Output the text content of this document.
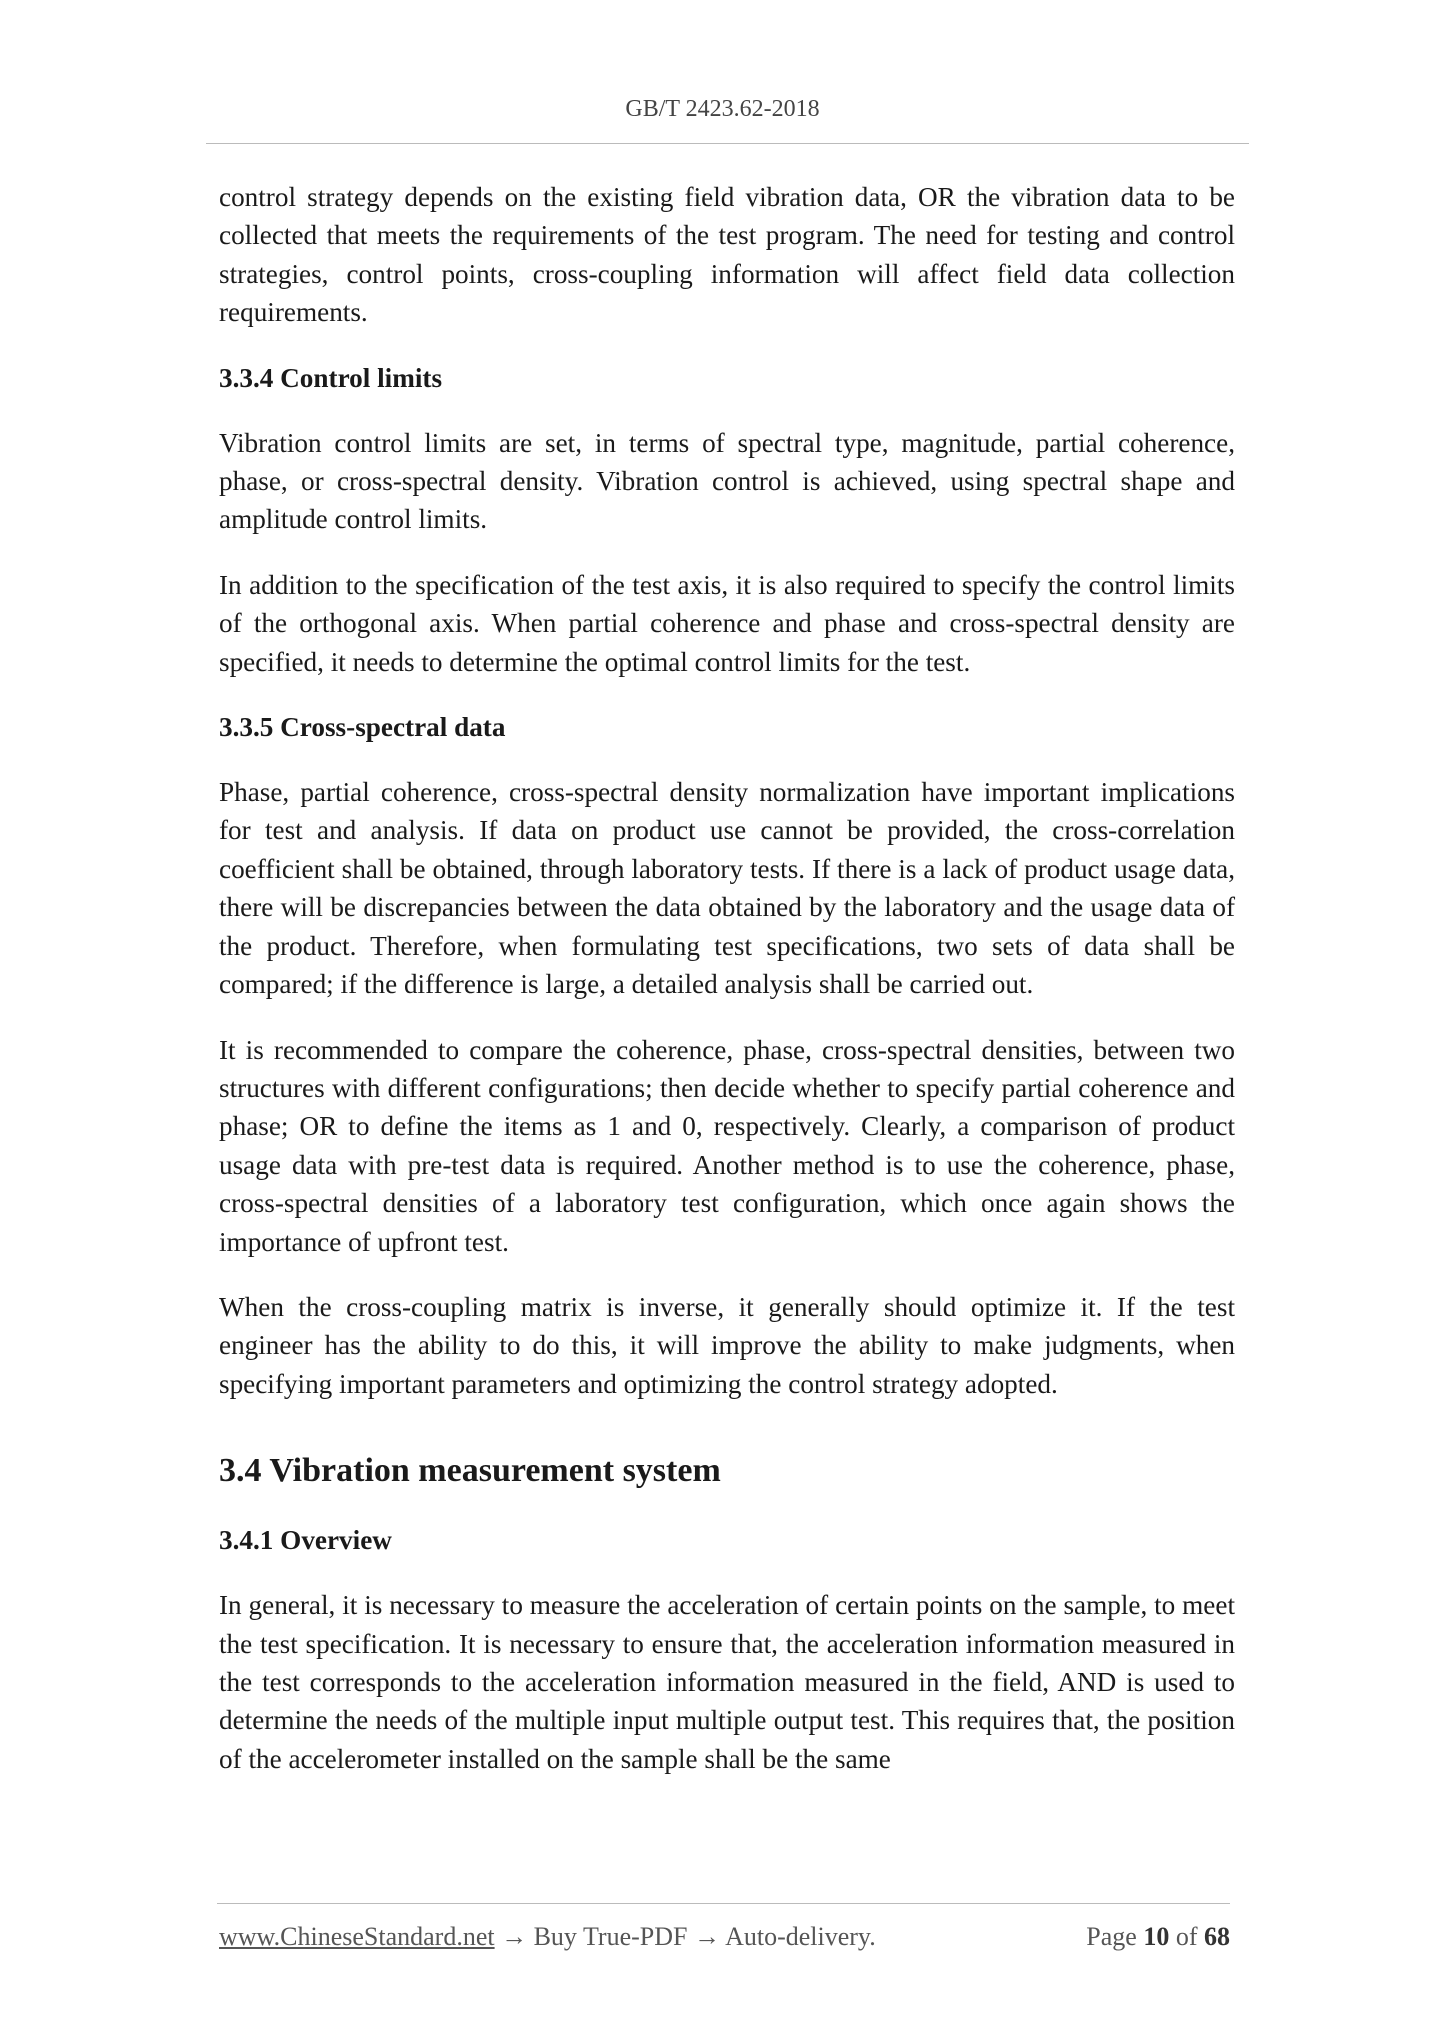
GB/T 2423.62-2018

control strategy depends on the existing field vibration data, OR the vibration data to be collected that meets the requirements of the test program. The need for testing and control strategies, control points, cross-coupling information will affect field data collection requirements.

3.3.4 Control limits

Vibration control limits are set, in terms of spectral type, magnitude, partial coherence, phase, or cross-spectral density. Vibration control is achieved, using spectral shape and amplitude control limits.

In addition to the specification of the test axis, it is also required to specify the control limits of the orthogonal axis. When partial coherence and phase and cross-spectral density are specified, it needs to determine the optimal control limits for the test.

3.3.5 Cross-spectral data

Phase, partial coherence, cross-spectral density normalization have important implications for test and analysis. If data on product use cannot be provided, the cross-correlation coefficient shall be obtained, through laboratory tests. If there is a lack of product usage data, there will be discrepancies between the data obtained by the laboratory and the usage data of the product. Therefore, when formulating test specifications, two sets of data shall be compared; if the difference is large, a detailed analysis shall be carried out.

It is recommended to compare the coherence, phase, cross-spectral densities, between two structures with different configurations; then decide whether to specify partial coherence and phase; OR to define the items as 1 and 0, respectively. Clearly, a comparison of product usage data with pre-test data is required. Another method is to use the coherence, phase, cross-spectral densities of a laboratory test configuration, which once again shows the importance of upfront test.

When the cross-coupling matrix is inverse, it generally should optimize it. If the test engineer has the ability to do this, it will improve the ability to make judgments, when specifying important parameters and optimizing the control strategy adopted.

3.4 Vibration measurement system
3.4.1 Overview

In general, it is necessary to measure the acceleration of certain points on the sample, to meet the test specification. It is necessary to ensure that, the acceleration information measured in the test corresponds to the acceleration information measured in the field, AND is used to determine the needs of the multiple input multiple output test. This requires that, the position of the accelerometer installed on the sample shall be the same

www.ChineseStandard.net → Buy True-PDF → Auto-delivery.	Page 10 of 68
